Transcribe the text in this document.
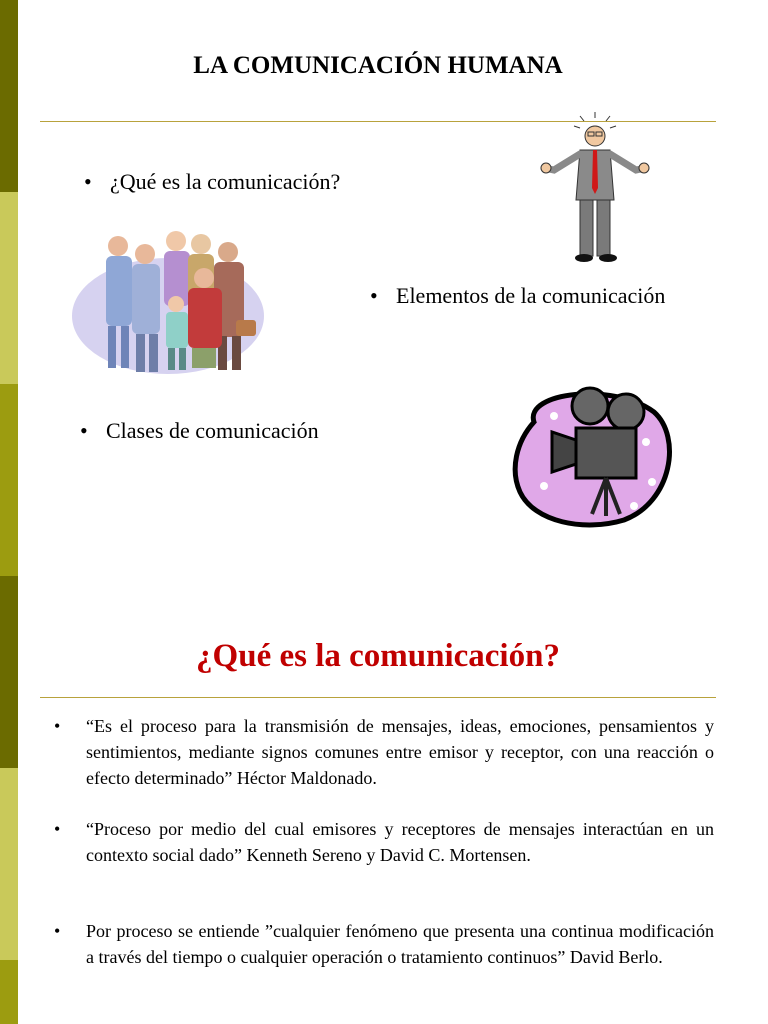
LA COMUNICACIÓN HUMANA
• ¿Qué es la comunicación?
• Elementos de la comunicación
• Clases de comunicación
¿Qué es la comunicación?
• “Es el proceso para la transmisión de mensajes, ideas, emociones, pensamientos y sentimientos, mediante signos comunes entre emisor y receptor, con una reacción o efecto determinado” Héctor Maldonado.
• “Proceso por medio del cual emisores y receptores de mensajes interactúan en un contexto social dado” Kenneth Sereno y David C. Mortensen.
• Por proceso se entiende ”cualquier fenómeno que presenta una continua modificación a través del tiempo o cualquier operación o tratamiento continuos” David Berlo.
